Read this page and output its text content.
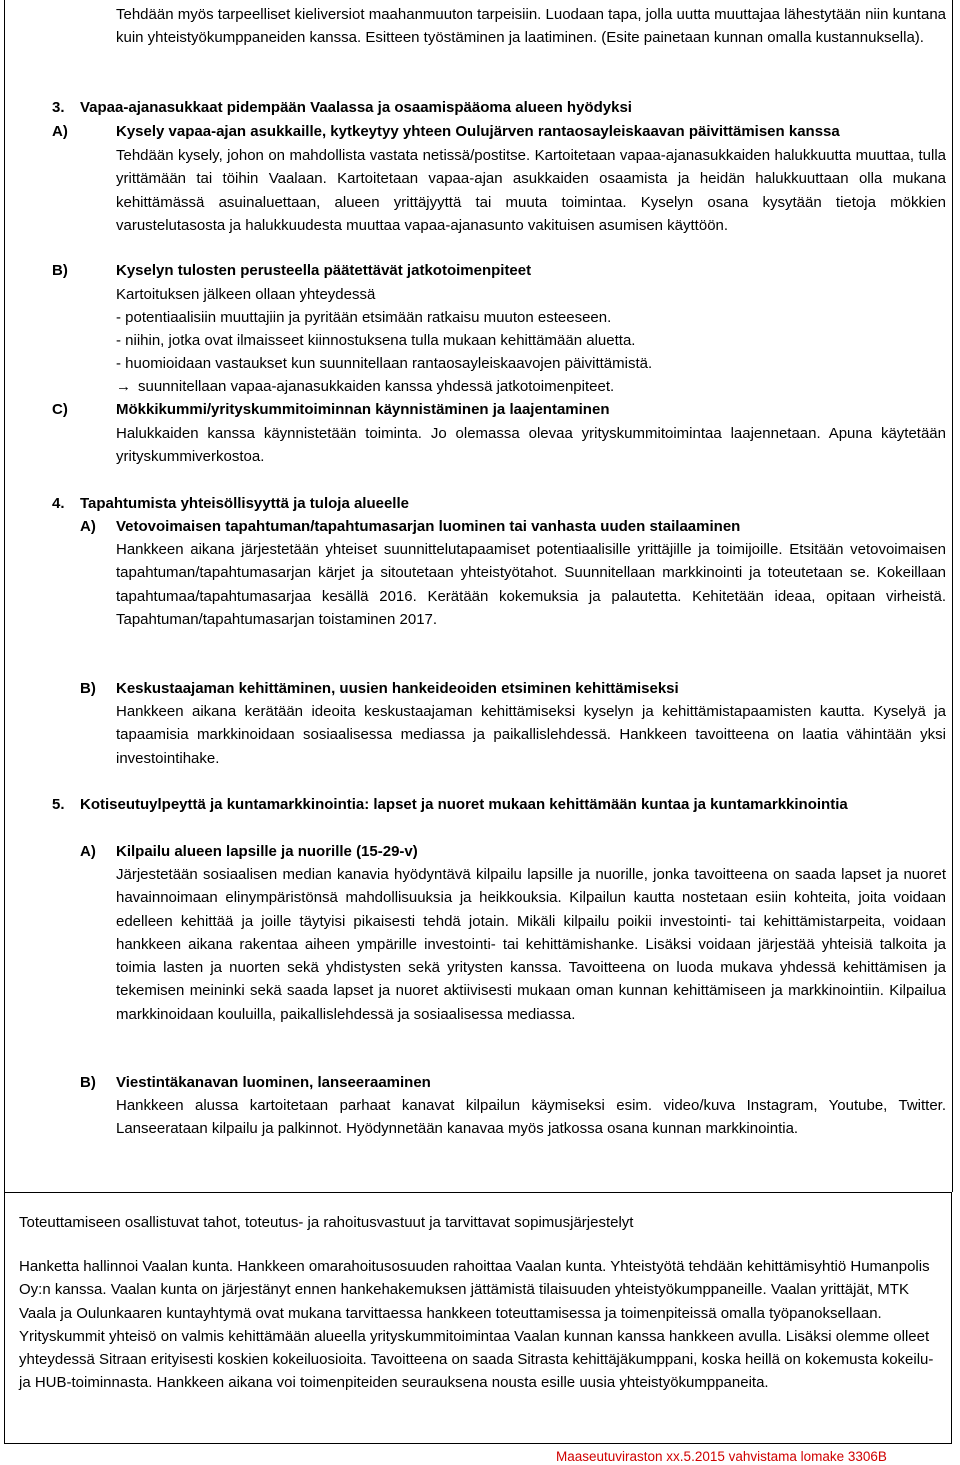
Tehdään myös tarpeelliset kieliversiot maahanmuuton tarpeisiin. Luodaan tapa, jolla uutta muuttajaa lähestytään niin kuntana kuin yhteistyökumppaneiden kanssa. Esitteen työstäminen ja laatiminen. (Esite painetaan kunnan omalla kustannuksella).
3. Vapaa-ajanasukkaat pidempään Vaalassa ja osaamispääoma alueen hyödyksi
A)	Kysely vapaa-ajan asukkaille, kytkeytyy yhteen Oulujärven rantaosayleiskaavan päivittämisen kanssa
Tehdään kysely, johon on mahdollista vastata netissä/postitse. Kartoitetaan vapaa-ajanasukkaiden halukkuutta muuttaa, tulla yrittämään tai töihin Vaalaan. Kartoitetaan vapaa-ajan asukkaiden osaamista ja heidän halukkuuttaan olla mukana kehittämässä asuinaluettaan, alueen yrittäjyyttä tai muuta toimintaa. Kyselyn osana kysytään tietoja mökkien varustelutasosta ja halukkuudesta muuttaa vapaa-ajanasunto vakituisen asumisen käyttöön.
B)	Kyselyn tulosten perusteella päätettävät jatkotoimenpiteet
Kartoituksen jälkeen ollaan yhteydessä
- potentiaalisiin muuttajiin ja pyritään etsimään ratkaisu muuton esteeseen.
- niihin, jotka ovat ilmaisseet kiinnostuksena tulla mukaan kehittämään aluetta.
- huomioidaan vastaukset kun suunnitellaan rantaosayleiskaavojen päivittämistä.
→ suunnitellaan vapaa-ajanasukkaiden kanssa yhdessä jatkotoimenpiteet.
C)	Mökkikummi/yrityskummitoiminnan käynnistäminen ja laajentaminen
Halukkaiden kanssa käynnistetään toiminta. Jo olemassa olevaa yrityskummitoimintaa laajennetaan. Apuna käytetään yrityskummiverkostoa.
4. Tapahtumista yhteisöllisyyttä ja tuloja alueelle
A) Vetovoimaisen tapahtuman/tapahtumasarjan luominen tai vanhasta uuden stailaaminen
Hankkeen aikana järjestetään yhteiset suunnittelutapaamiset potentiaalisille yrittäjille ja toimijoille. Etsitään vetovoimaisen tapahtuman/tapahtumasarjan kärjet ja sitoutetaan yhteistyötahot. Suunnitellaan markkinointi ja toteutetaan se. Kokeillaan tapahtumaa/tapahtumasarjaa kesällä 2016. Kerätään kokemuksia ja palautetta. Kehitetään ideaa, opitaan virheistä. Tapahtuman/tapahtumasarjan toistaminen 2017.
B) Keskustaajaman kehittäminen, uusien hankeideoiden etsiminen kehittämiseksi
Hankkeen aikana kerätään ideoita keskustaajaman kehittämiseksi kyselyn ja kehittämistapaamisten kautta. Kyselyä ja tapaamisia markkinoidaan sosiaalisessa mediassa ja paikallislehdessä. Hankkeen tavoitteena on laatia vähintään yksi investointihake.
5. Kotiseutuylpeyttä ja kuntamarkkinointia: lapset ja nuoret mukaan kehittämään kuntaa ja kuntamarkkinointia
A) Kilpailu alueen lapsille ja nuorille (15-29-v)
Järjestetään sosiaalisen median kanavia hyödyntävä kilpailu lapsille ja nuorille, jonka tavoitteena on saada lapset ja nuoret havainnoimaan elinympäristönsä mahdollisuuksia ja heikkouksia. Kilpailun kautta nostetaan esiin kohteita, joita voidaan edelleen kehittää ja joille täytyisi pikaisesti tehdä jotain. Mikäli kilpailu poikii investointi- tai kehittämistarpeita, voidaan hankkeen aikana rakentaa aiheen ympärille investointi- tai kehittämishanke. Lisäksi voidaan järjestää yhteisiä talkoita ja toimia lasten ja nuorten sekä yhdistysten sekä yritysten kanssa. Tavoitteena on luoda mukava yhdessä kehittämisen ja tekemisen meininki sekä saada lapset ja nuoret aktiivisesti mukaan oman kunnan kehittämiseen ja markkinointiin. Kilpailua markkinoidaan kouluilla, paikallislehdessä ja sosiaalisessa mediassa.
B) Viestintäkanavan luominen, lanseeraaminen
Hankkeen alussa kartoitetaan parhaat kanavat kilpailun käymiseksi esim. video/kuva Instagram, Youtube, Twitter. Lanseerataan kilpailu ja palkinnot. Hyödynnetään kanavaa myös jatkossa osana kunnan markkinointia.
Toteuttamiseen osallistuvat tahot, toteutus- ja rahoitusvastuut ja tarvittavat sopimusjärjestelyt
Hanketta hallinnoi Vaalan kunta. Hankkeen omarahoitusosuuden rahoittaa Vaalan kunta. Yhteistyötä tehdään kehittämisyhtiö Humanpolis Oy:n kanssa. Vaalan kunta on järjestänyt ennen hankehakemuksen jättämistä tilaisuuden yhteistyökumppaneille. Vaalan yrittäjät, MTK Vaala ja Oulunkaaren kuntayhtymä ovat mukana tarvittaessa hankkeen toteuttamisessa ja toimenpiteissä omalla työpanoksellaan. Yrityskummit yhteisö on valmis kehittämään alueella yrityskummitoimintaa Vaalan kunnan kanssa hankkeen avulla. Lisäksi olemme olleet yhteydessä Sitraan erityisesti koskien kokeiluosioita. Tavoitteena on saada Sitrasta kehittäjäkumppani, koska heillä on kokemusta kokeilu- ja HUB-toiminnasta. Hankkeen aikana voi toimenpiteiden seurauksena nousta esille uusia yhteistyökumppaneita.
Maaseutuviraston xx.5.2015 vahvistama lomake 3306B
